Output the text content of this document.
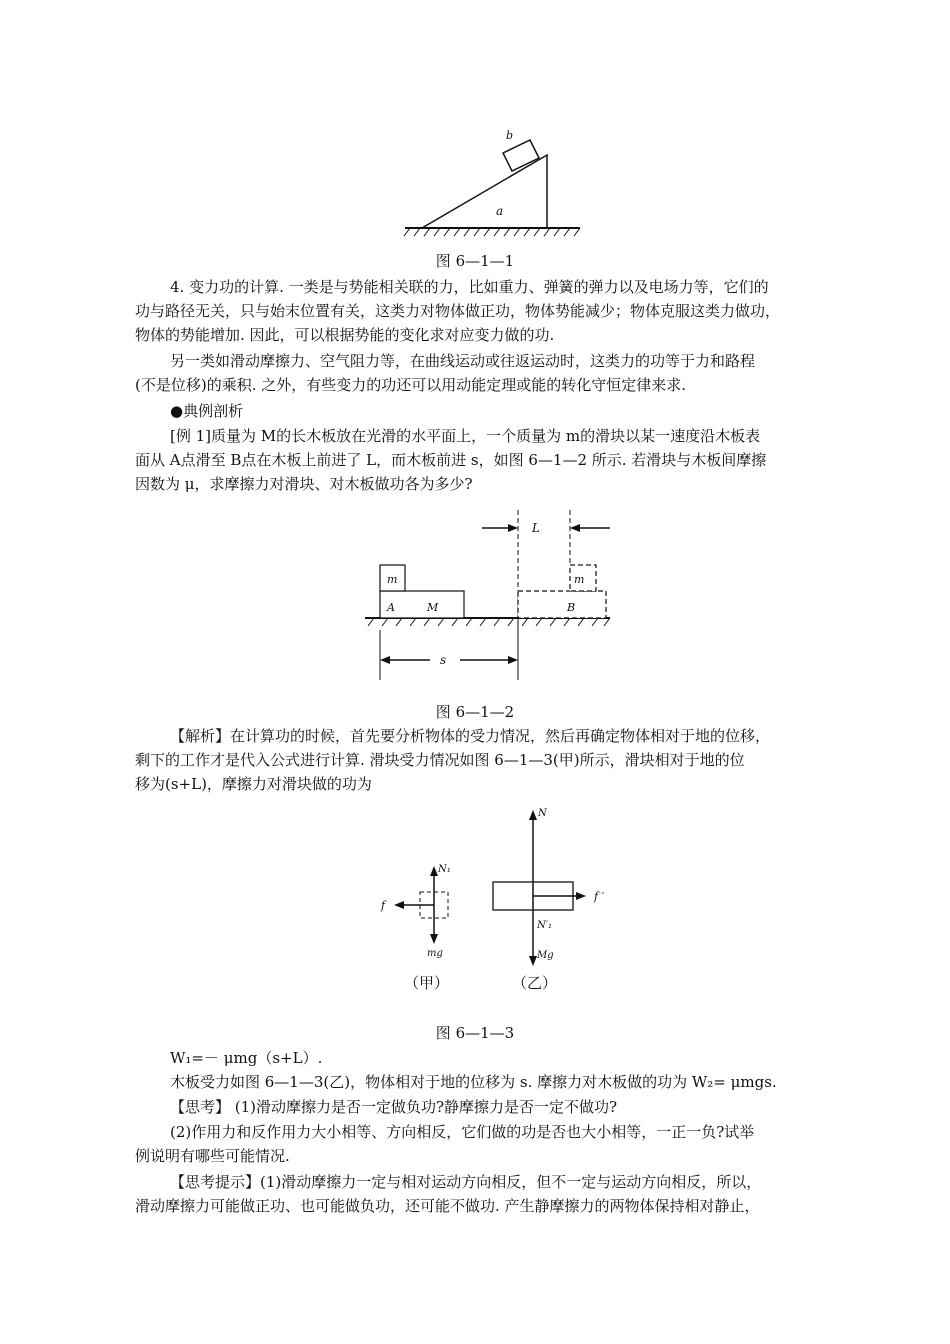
b
a
图 6—1—1
4. 变力功的计算. 一类是与势能相关联的力，比如重力、弹簧的弹力以及电场力等，它们的
功与路径无关，只与始末位置有关，这类力对物体做正功，物体势能减少；物体克服这类力做功，
物体的势能增加. 因此，可以根据势能的变化求对应变力做的功.
另一类如滑动摩擦力、空气阻力等，在曲线运动或往返运动时，这类力的功等于力和路程
(不是位移)的乘积. 之外，有些变力的功还可以用动能定理或能的转化守恒定律来求.
●典例剖析
[例 1]质量为 M的长木板放在光滑的水平面上，一个质量为 m的滑块以某一速度沿木板表
面从 A点滑至 B点在木板上前进了 L，而木板前进 s，如图 6—1—2 所示. 若滑块与木板间摩擦
因数为 μ，求摩擦力对滑块、对木板做功各为多少?
L
m
A	M
m
B
s
图 6—1—2
【解析】在计算功的时候，首先要分析物体的受力情况，然后再确定物体相对于地的位移，
剩下的工作才是代入公式进行计算. 滑块受力情况如图 6—1—3(甲)所示，滑块相对于地的位
移为(s+L)，摩擦力对滑块做的功为
N₁
f
mg
（甲）
N
f ′
N′₁
Mg
（乙）
图 6—1—3
W₁=－ μmg（s+L）.
木板受力如图 6—1—3(乙)，物体相对于地的位移为 s. 摩擦力对木板做的功为 W₂= μmgs.
【思考】 (1)滑动摩擦力是否一定做负功?静摩擦力是否一定不做功?
(2)作用力和反作用力大小相等、方向相反，它们做的功是否也大小相等，一正一负?试举
例说明有哪些可能情况.
【思考提示】(1)滑动摩擦力一定与相对运动方向相反，但不一定与运动方向相反，所以，
滑动摩擦力可能做正功、也可能做负功，还可能不做功. 产生静摩擦力的两物体保持相对静止，
